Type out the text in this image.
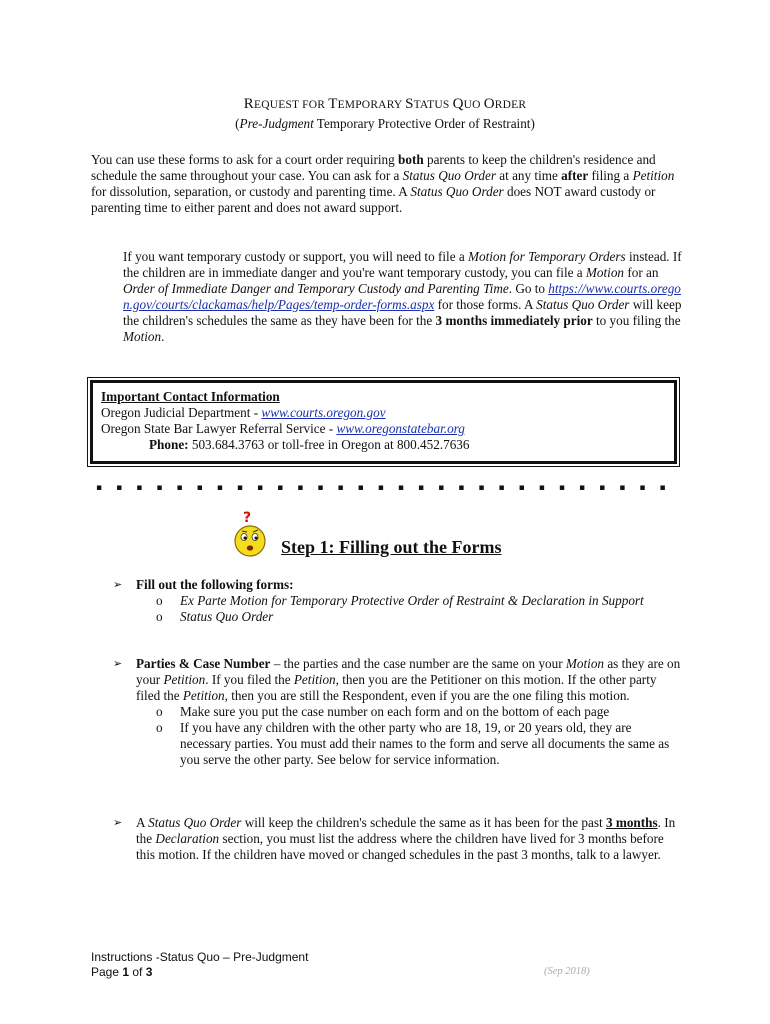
REQUEST FOR TEMPORARY STATUS QUO ORDER
(Pre-Judgment Temporary Protective Order of Restraint)
You can use these forms to ask for a court order requiring both parents to keep the children's residence and schedule the same throughout your case. You can ask for a Status Quo Order at any time after filing a Petition for dissolution, separation, or custody and parenting time. A Status Quo Order does NOT award custody or parenting time to either parent and does not award support.
If you want temporary custody or support, you will need to file a Motion for Temporary Orders instead. If the children are in immediate danger and you're want temporary custody, you can file a Motion for an Order of Immediate Danger and Temporary Custody and Parenting Time. Go to https://www.courts.oregon.gov/courts/clackamas/help/Pages/temp-order-forms.aspx for those forms. A Status Quo Order will keep the children's schedules the same as they have been for the 3 months immediately prior to you filing the Motion.
Important Contact Information
Oregon Judicial Department - www.courts.oregon.gov
Oregon State Bar Lawyer Referral Service - www.oregonstatebar.org
Phone: 503.684.3763 or toll-free in Oregon at 800.452.7636
▪ ▪ ▪ ▪ ▪ ▪ ▪ ▪ ▪ ▪ ▪ ▪ ▪ ▪ ▪ ▪ ▪ ▪ ▪ ▪ ▪ ▪ ▪ ▪ ▪ ▪ ▪ ▪ ▪
?
Step 1: Filling out the Forms
➢ Fill out the following forms:
o Ex Parte Motion for Temporary Protective Order of Restraint & Declaration in Support
o Status Quo Order
➢ Parties & Case Number – the parties and the case number are the same on your Motion as they are on your Petition. If you filed the Petition, then you are the Petitioner on this motion. If the other party filed the Petition, then you are still the Respondent, even if you are the one filing this motion.
o Make sure you put the case number on each form and on the bottom of each page
o If you have any children with the other party who are 18, 19, or 20 years old, they are necessary parties. You must add their names to the form and serve all documents the same as you serve the other party. See below for service information.
➢ A Status Quo Order will keep the children's schedule the same as it has been for the past 3 months. In the Declaration section, you must list the address where the children have lived for 3 months before this motion. If the children have moved or changed schedules in the past 3 months, talk to a lawyer.
Instructions -Status Quo – Pre-Judgment
Page 1 of 3	(Sep 2018)
